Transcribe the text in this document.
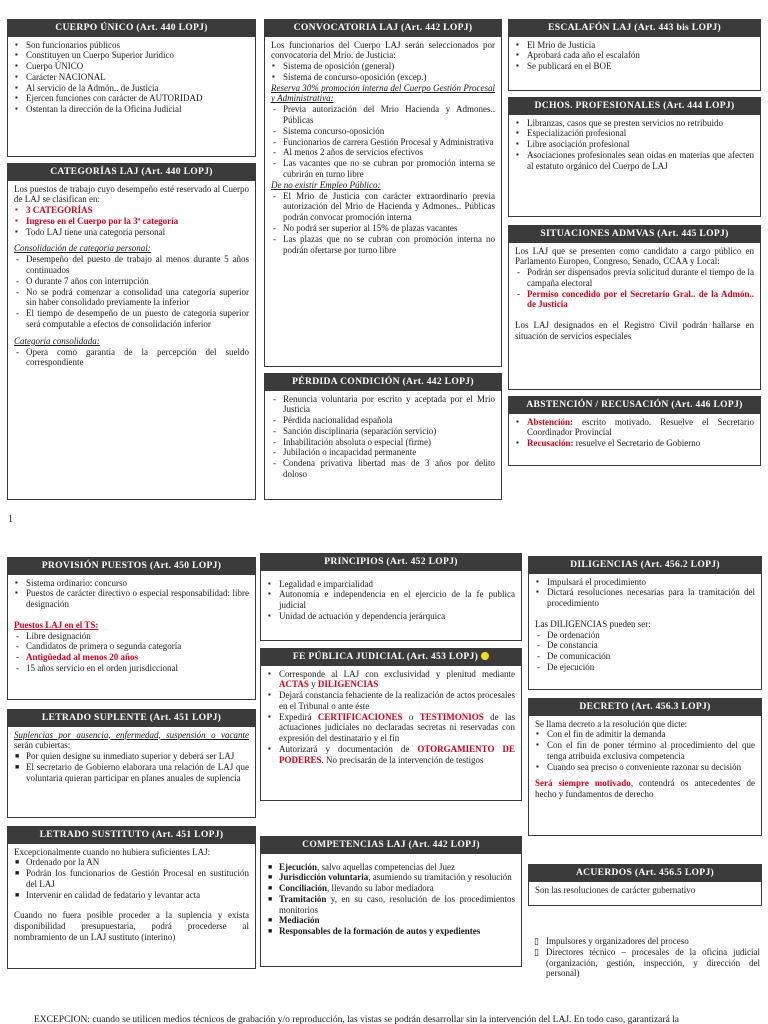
CUERPO ÚNICO (Art. 440 LOPJ)
▪ Son funcionarios públicos
▪ Constituyen un Cuerpo Superior Jurídico
▪ Cuerpo ÚNICO
▪ Carácter NACIONAL
▪ Al servicio de la Admón.. de Justicia
▪ Ejercen funciones con carácter de AUTORIDAD
▪ Ostentan la dirección de la Oficina Judicial
CATEGORÍAS LAJ (Art. 440 LOPJ)

Los puestos de trabajo cuyo desempeño esté reservado al Cuerpo de LAJ se clasifican en:

▪ 3 CATEGORÍAS
▪ Ingreso en el Cuerpo por la 3ª categoría
▪ Todo LAJ tiene una categoría personal

Consolidación de categoría personal:

- Desempeño del puesto de trabajo al menos durante 5 años continuados
- O durante 7 años con interrupción
- No se podrá comenzar a consolidad una categoría superior sin haber consolidado previamente la inferior
- El tiempo de desempeño de un puesto de categoría superior será computable a efectos de consolidación inferior

Categoría consolidada:

- Opera como garantía de la percepción del sueldo correspondiente
CONVOCATORIA LAJ (Art. 442 LOPJ)

Los funcionarios del Cuerpo LAJ serán seleccionados por convocatoria del Mrio. de Justicia:

▪ Sistema de oposición (general)
▪ Sistema de concurso-oposición (excep.)

Reserva 30% promoción interna del Cuerpo Gestión Procesal y Administrativa:

- Previa autorización del Mrio Hacienda y Admones.. Públicas
- Sistema concurso-oposición
- Funcionarios de carrera Gestión Procesal y Administrativa
- Al menos 2 años de servicios efectivos
- Las vacantes que no se cubran por promoción interna se cubrirán en turno libre

De no existir Empleo Público:

- El Mrio de Justicia con carácter extraordinario previa autorización del Mrio de Hacienda y Admones.. Públicas podrán convocar promoción interna
- No podrá ser superior al 15% de plazas vacantes
- Las plazas que no se cubran con promoción interna no podrán ofertarse por turno libre
PÉRDIDA CONDICIÓN (Art. 442 LOPJ)
- Renuncia voluntaria por escrito y aceptada por el Mrio Justicia
- Pérdida nacionalidad española
- Sanción disciplinaria (separación servicio)
- Inhabilitación absoluta o especial (firme)
- Jubilación o incapacidad permanente
- Condena privativa libertad mas de 3 años por delito doloso
ESCALAFÓN LAJ (Art. 443 bis LOPJ)
▪ El Mrio de Justicia
▪ Aprobará cada año el escalafón
▪ Se publicará en el BOE
DCHOS. PROFESIONALES (Art. 444 LOPJ)
▪ Libranzas, casos que se presten servicios no retribuido
▪ Especialización profesional
▪ Libre asociación profesional
▪ Asociaciones profesionales sean oídas en materias que afecten al estatuto orgánico del Cuerpo de LAJ
SITUACIONES ADMVAS (Art. 445 LOPJ)

Los LAJ que se presenten como candidato a cargo público en Parlamento Europeo, Congreso, Senado, CCAA y Local:

- Podrán ser dispensados previa solicitud durante el tiempo de la campaña electoral
- Permiso concedido por el Secretario Gral.. de la Admón.. de Justicia

Los LAJ designados en el Registro Civil podrán hallarse en situación de servicios especiales

ABSTENCIÓN / RECUSACIÓN (Art. 446 LOPJ)
▪ Abstención: escrito motivado. Resuelve el Secretario Coordinador Provincial
▪ Recusación: resuelve el Secretario de Gobierno
1
PROVISIÓN PUESTOS (Art. 450 LOPJ)
▪ Sistema ordinario: concurso
▪ Puestos de carácter directivo o especial responsabilidad: libre designación

Puestos LAJ en el TS:

- Libre designación
- Candidatos de primera o segunda categoría
- Antigüedad al menos 20 años
- 15 años servicio en el orden jurisdiccional
LETRADO SUPLENTE (Art. 451 LOPJ)

Suplencias por ausencia, enfermedad, suspensión o vacante serán cubiertas:

■ Por quien designe su inmediato superior y deberá ser LAJ
■ El secretario de Gobierno elaborara una relación de LAJ que voluntaria quieran participar en planes anuales de suplencia
LETRADO SUSTITUTO (Art. 451 LOPJ)

Excepcionalmente cuando no hubiera suficientes LAJ:

■ Ordenado por la AN
■ Podrán los funcionarios de Gestión Procesal en sustitución del LAJ
■ Intervenir en calidad de fedatario y levantar acta

Cuando no fuera posible proceder a la suplencia y exista disponibilidad presupuestaria, podrá procederse al nombramiento de un LAJ sustituto (interino)

PRINCIPIOS (Art. 452 LOPJ)
▪ Legalidad e imparcialidad
▪ Autonomía e independencia en el ejercicio de la fe publica judicial
▪ Unidad de actuación y dependencia jerárquica
FE PÚBLICA JUDICIAL (Art. 453 LOPJ)
▪ Corresponde al LAJ con exclusividad y plenitud mediante ACTAS y DILIGENCIAS
▪ Dejará constancia fehaciente de la realización de actos procesales en el Tribunal o ante éste
▪ Expedirá CERTIFICACIONES o TESTIMONIOS de las actuaciones judiciales no declaradas secretas ni reservadas con expresión del destinatario y el fin
▪ Autorizará y documentación de OTORGAMIENTO DE PODERES. No precisarán de la intervención de testigos
COMPETENCIAS LAJ (Art. 442 LOPJ)
■ Ejecución, salvo aquellas competencias del Juez
■ Jurisdicción voluntaria, asumiendo su tramitación y resolución
■ Conciliación, llevando su labor mediadora
■ Tramitación y, en su caso, resolución de los procedimientos monitorios
■ Mediación
■ Responsables de la formación de autos y expedientes
DILIGENCIAS (Art. 456.2 LOPJ)
▪ Impulsará el procedimiento
▪ Dictará resoluciones necesarias para la tramitación del procedimiento

Las DILIGENCIAS pueden ser:

- De ordenación
- De constancia
- De comunicación
- De ejecución
DECRETO (Art. 456.3 LOPJ)

Se llama decreto a la resolución que dicte:

▪ Con el fin de admitir la demanda
▪ Con el fin de poner término al procedimiento del que tenga atribuida exclusiva competencia
▪ Cuando sea preciso o conveniente razonar su decisión

Será siempre motivado, contendrá os antecedentes de hecho y fundamentos de derecho

ACUERDOS (Art. 456.5 LOPJ)

Son las resoluciones de carácter gubernativo

▯ Impulsores y organizadores del proceso
▯ Directores técnico – procesales de la oficina judicial (organización, gestión, inspección, y dirección del personal)
EXCEPCIÓN: cuando se utilicen medios técnicos de grabación y/o reproducción, las vistas se podrán desarrollar sin la intervención del LAJ. En todo caso, garantizará la
